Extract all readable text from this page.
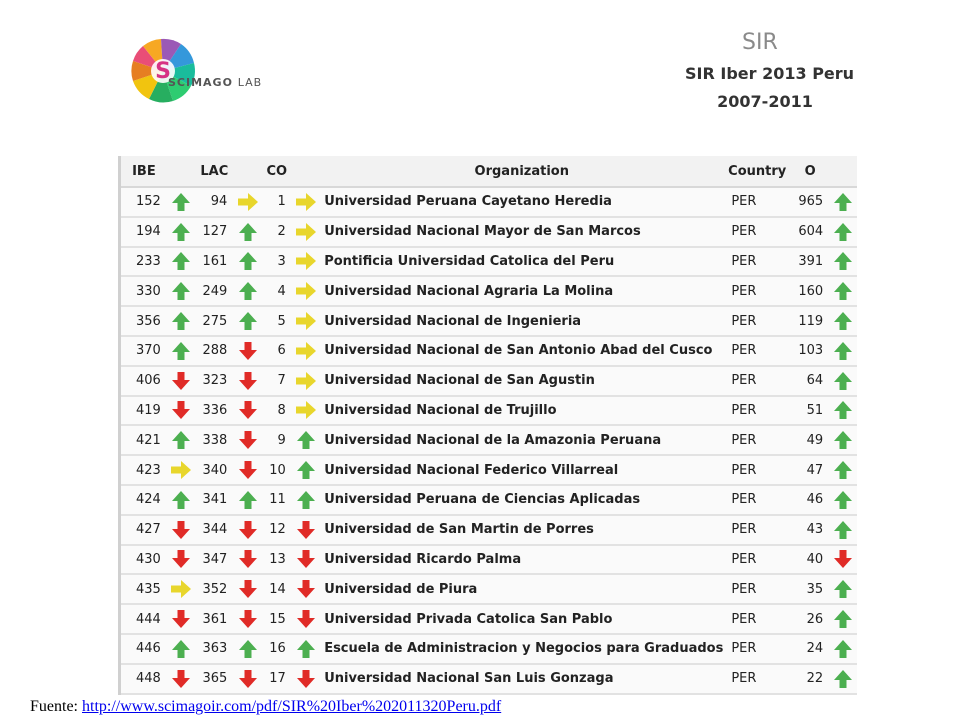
S
SCIMAGO LAB
SIR
SIR Iber 2013 Peru
2007-2011
IBE		LAC		CO		Organization	Country	O	
152		94		1		Universidad Peruana Cayetano Heredia	PER	965	

194		127		2		Universidad Nacional Mayor de San Marcos	PER	604	

233		161		3		Pontificia Universidad Catolica del Peru	PER	391	

330		249		4		Universidad Nacional Agraria La Molina	PER	160	

356		275		5		Universidad Nacional de Ingenieria	PER	119	

370		288		6		Universidad Nacional de San Antonio Abad del Cusco	PER	103	

406		323		7		Universidad Nacional de San Agustin	PER	64	

419		336		8		Universidad Nacional de Trujillo	PER	51	

421		338		9		Universidad Nacional de la Amazonia Peruana	PER	49	

423		340		10		Universidad Nacional Federico Villarreal	PER	47	

424		341		11		Universidad Peruana de Ciencias Aplicadas	PER	46	

427		344		12		Universidad de San Martin de Porres	PER	43	

430		347		13		Universidad Ricardo Palma	PER	40	

435		352		14		Universidad de Piura	PER	35	

444		361		15		Universidad Privada Catolica San Pablo	PER	26	

446		363		16		Escuela de Administracion y Negocios para Graduados	PER	24	

448		365		17		Universidad Nacional San Luis Gonzaga	PER	22	
Fuente: http://www.scimagoir.com/pdf/SIR%20Iber%202011320Peru.pdf
